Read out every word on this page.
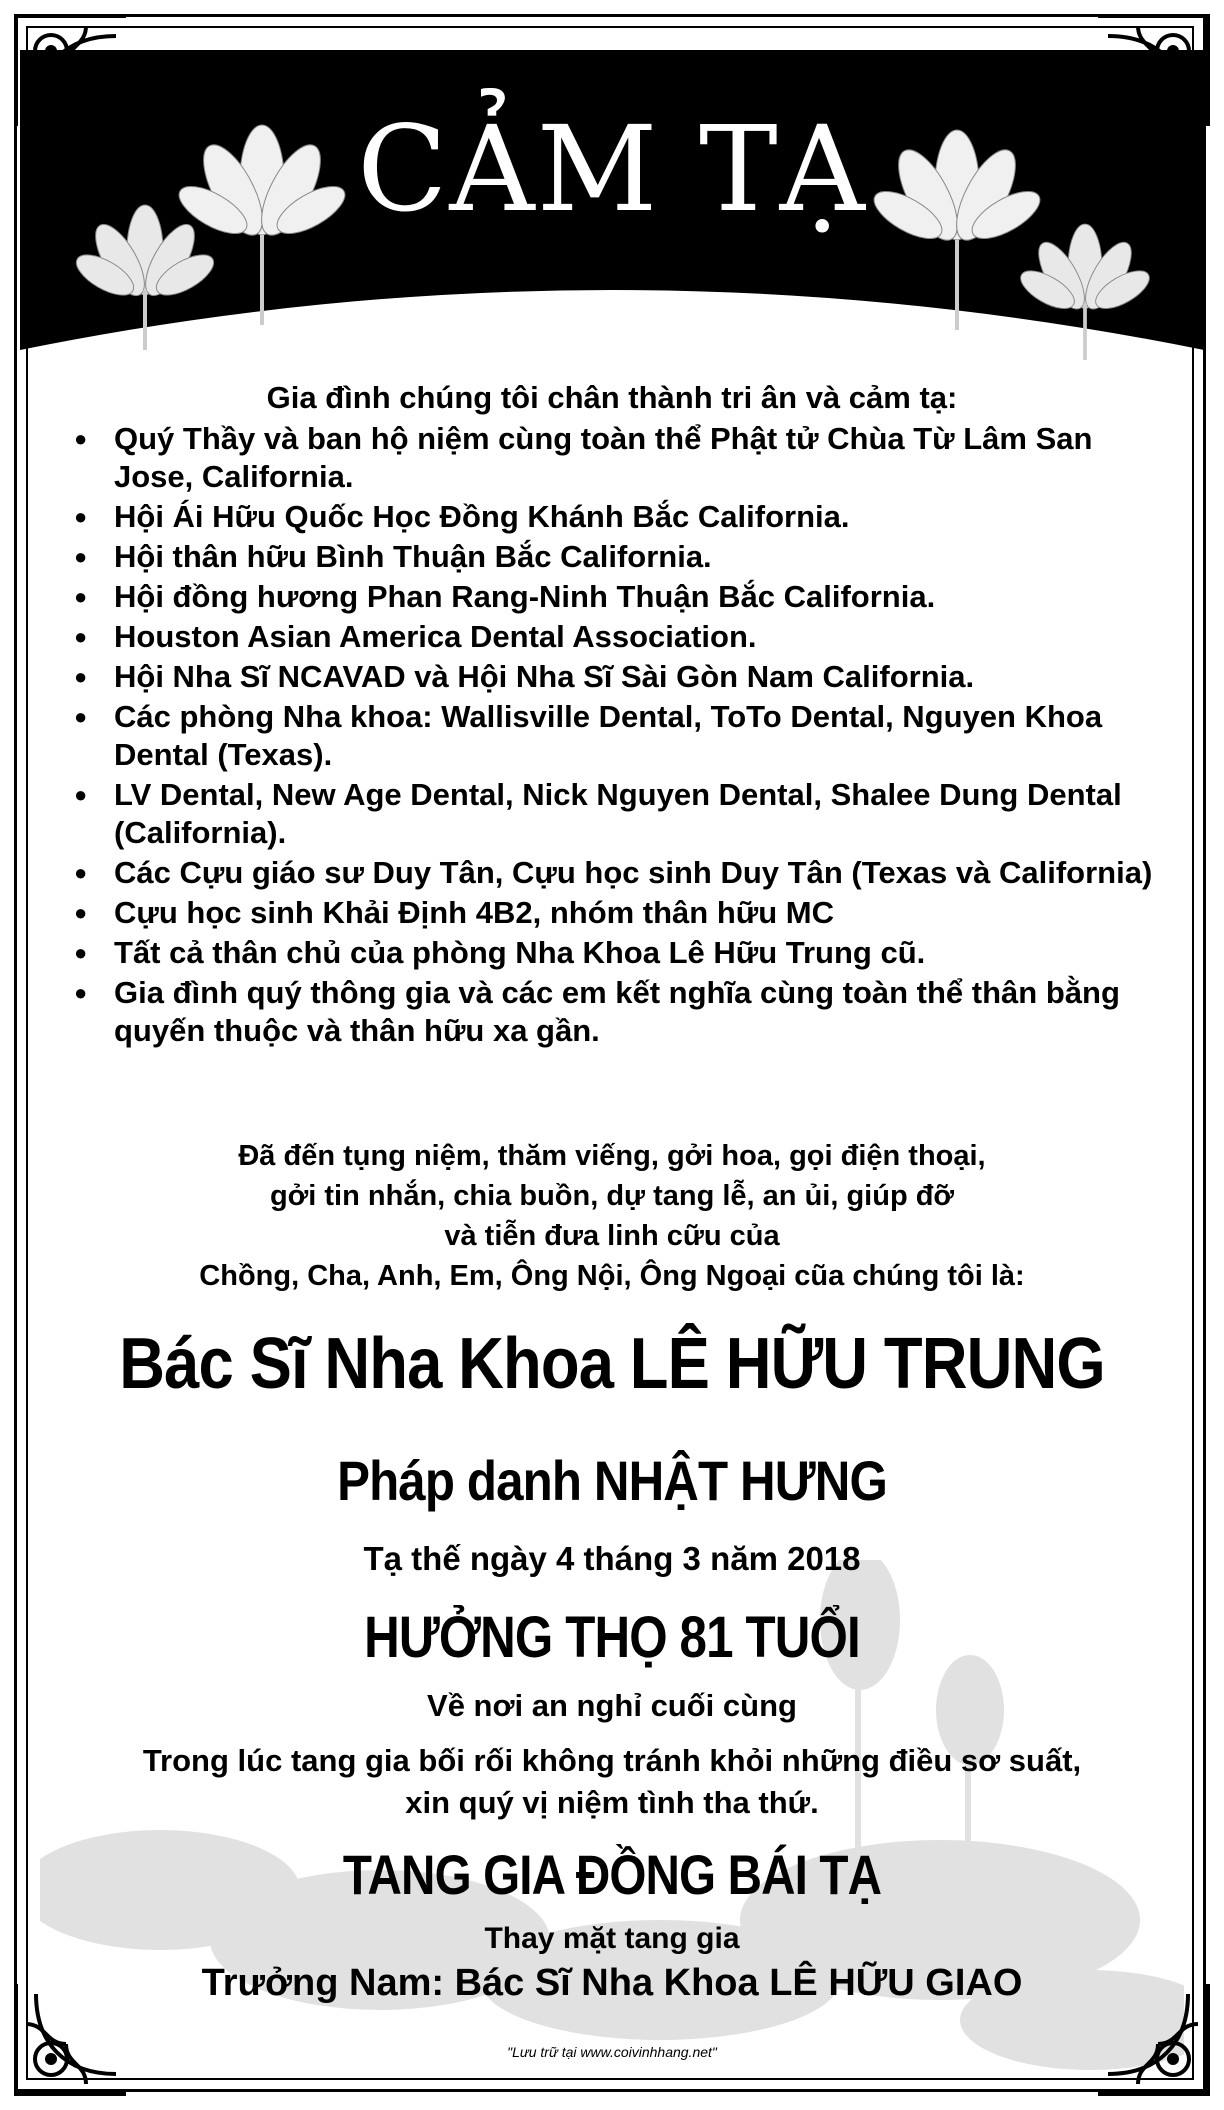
CẢM TẠ
Gia đình chúng tôi chân thành tri ân và cảm tạ:
● Quý Thầy và ban hộ niệm cùng toàn thể Phật tử Chùa Từ Lâm San Jose, California.
● Hội Ái Hữu Quốc Học Đồng Khánh Bắc California.
● Hội thân hữu Bình Thuận Bắc California.
● Hội đồng hương Phan Rang-Ninh Thuận Bắc California.
● Houston Asian America Dental Association.
● Hội Nha Sĩ NCAVAD và Hội Nha Sĩ Sài Gòn Nam California.
● Các phòng Nha khoa: Wallisville Dental, ToTo Dental, Nguyen Khoa Dental (Texas).
● LV Dental, New Age Dental, Nick Nguyen Dental, Shalee Dung Dental (California).
● Các Cựu giáo sư Duy Tân, Cựu học sinh Duy Tân (Texas và California)
● Cựu học sinh Khải Định 4B2, nhóm thân hữu MC
● Tất cả thân chủ của phòng Nha Khoa Lê Hữu Trung cũ.
● Gia đình quý thông gia và các em kết nghĩa cùng toàn thể thân bằng quyến thuộc và thân hữu xa gần.
Đã đến tụng niệm, thăm viếng, gởi hoa, gọi điện thoại,
gởi tin nhắn, chia buồn, dự tang lễ, an ủi, giúp đỡ
và tiễn đưa linh cữu của
Chồng, Cha, Anh, Em, Ông Nội, Ông Ngoại cũa chúng tôi là:
Bác Sĩ Nha Khoa LÊ HỮU TRUNG
Pháp danh NHẬT HƯNG
Tạ thế ngày 4 tháng 3 năm 2018
HƯỞNG THỌ 81 TUỔI
Về nơi an nghỉ cuối cùng
Trong lúc tang gia bối rối không tránh khỏi những điều sơ suất,
xin quý vị niệm tình tha thứ.
TANG GIA ĐỒNG BÁI TẠ
Thay mặt tang gia
Trưởng Nam: Bác Sĩ Nha Khoa LÊ HỮU GIAO
"Lưu trữ tại www.coivinhhang.net"
